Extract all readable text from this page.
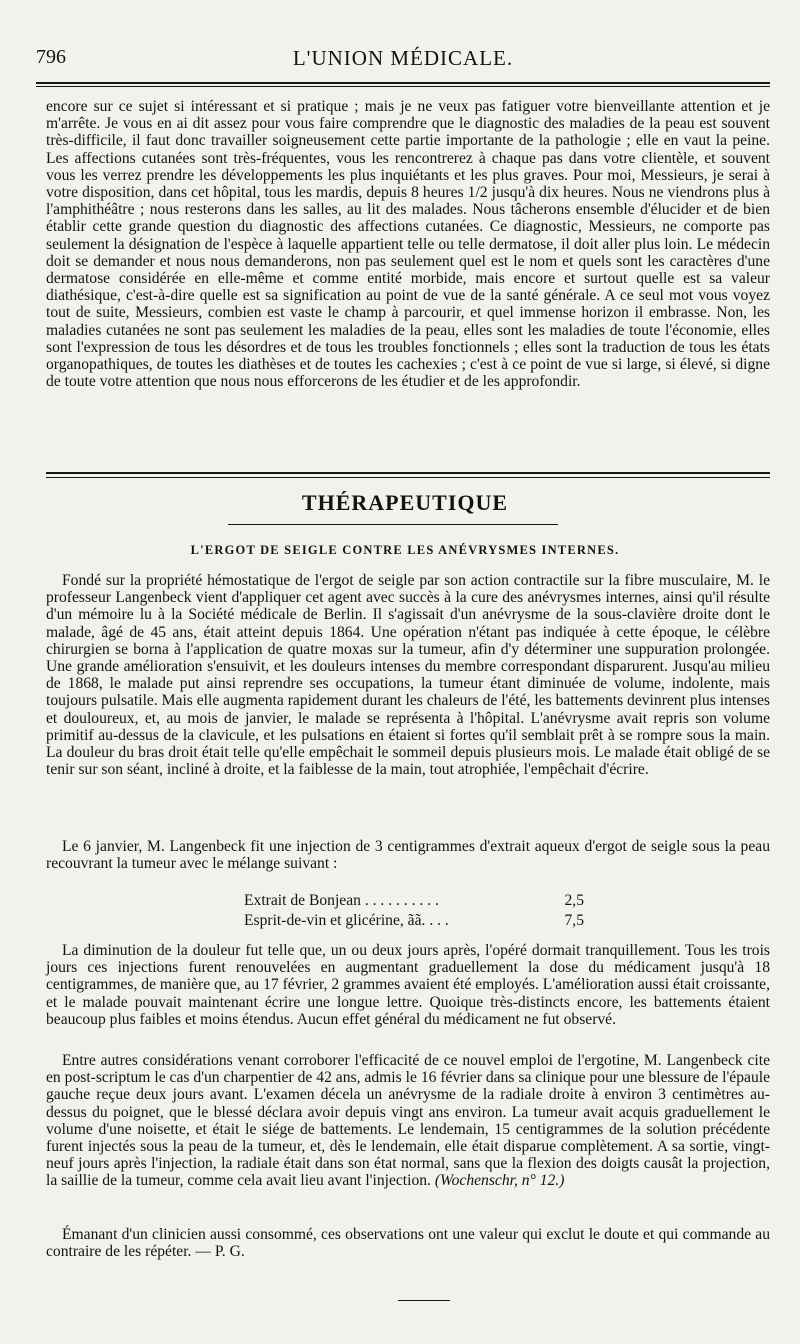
796	L'UNION MÉDICALE.

encore sur ce sujet si intéressant et si pratique ; mais je ne veux pas fatiguer votre bienveillante attention et je m'arrête. Je vous en ai dit assez pour vous faire comprendre que le diagnostic des maladies de la peau est souvent très-difficile, il faut donc travailler soigneusement cette partie importante de la pathologie ; elle en vaut la peine. Les affections cutanées sont très-fréquentes, vous les rencontrerez à chaque pas dans votre clientèle, et souvent vous les verrez prendre les développements les plus inquiétants et les plus graves. Pour moi, Messieurs, je serai à votre disposition, dans cet hôpital, tous les mardis, depuis 8 heures 1/2 jusqu'à dix heures. Nous ne viendrons plus à l'amphithéâtre ; nous resterons dans les salles, au lit des malades. Nous tâcherons ensemble d'élucider et de bien établir cette grande question du diagnostic des affections cutanées. Ce diagnostic, Messieurs, ne comporte pas seulement la désignation de l'espèce à laquelle appartient telle ou telle dermatose, il doit aller plus loin. Le médecin doit se demander et nous nous demanderons, non pas seulement quel est le nom et quels sont les caractères d'une dermatose considérée en elle-même et comme entité morbide, mais encore et surtout quelle est sa valeur diathésique, c'est-à-dire quelle est sa signification au point de vue de la santé générale. A ce seul mot vous voyez tout de suite, Messieurs, combien est vaste le champ à parcourir, et quel immense horizon il embrasse. Non, les maladies cutanées ne sont pas seulement les maladies de la peau, elles sont les maladies de toute l'économie, elles sont l'expression de tous les désordres et de tous les troubles fonctionnels ; elles sont la traduction de tous les états organopathiques, de toutes les diathèses et de toutes les cachexies ; c'est à ce point de vue si large, si élevé, si digne de toute votre attention que nous nous efforcerons de les étudier et de les approfondir.

THÉRAPEUTIQUE
L'ERGOT DE SEIGLE CONTRE LES ANÉVRYSMES INTERNES.

Fondé sur la propriété hémostatique de l'ergot de seigle par son action contractile sur la fibre musculaire, M. le professeur Langenbeck vient d'appliquer cet agent avec succès à la cure des anévrysmes internes, ainsi qu'il résulte d'un mémoire lu à la Société médicale de Berlin. Il s'agissait d'un anévrysme de la sous-clavière droite dont le malade, âgé de 45 ans, était atteint depuis 1864. Une opération n'étant pas indiquée à cette époque, le célèbre chirurgien se borna à l'application de quatre moxas sur la tumeur, afin d'y déterminer une suppuration prolongée. Une grande amélioration s'ensuivit, et les douleurs intenses du membre correspondant disparurent. Jusqu'au milieu de 1868, le malade put ainsi reprendre ses occupations, la tumeur étant diminuée de volume, indolente, mais toujours pulsatile. Mais elle augmenta rapidement durant les chaleurs de l'été, les battements devinrent plus intenses et douloureux, et, au mois de janvier, le malade se représenta à l'hôpital. L'anévrysme avait repris son volume primitif au-dessus de la clavicule, et les pulsations en étaient si fortes qu'il semblait prêt à se rompre sous la main. La douleur du bras droit était telle qu'elle empêchait le sommeil depuis plusieurs mois. Le malade était obligé de se tenir sur son séant, incliné à droite, et la faiblesse de la main, tout atrophiée, l'empêchait d'écrire.

Le 6 janvier, M. Langenbeck fit une injection de 3 centigrammes d'extrait aqueux d'ergot de seigle sous la peau recouvrant la tumeur avec le mélange suivant :

Extrait de Bonjean . . . . . . . . . .	2,5
Esprit-de-vin et glicérine, ãã. . . .	7,5

La diminution de la douleur fut telle que, un ou deux jours après, l'opéré dormait tranquillement. Tous les trois jours ces injections furent renouvelées en augmentant graduellement la dose du médicament jusqu'à 18 centigrammes, de manière que, au 17 février, 2 grammes avaient été employés. L'amélioration aussi était croissante, et le malade pouvait maintenant écrire une longue lettre. Quoique très-distincts encore, les battements étaient beaucoup plus faibles et moins étendus. Aucun effet général du médicament ne fut observé.

Entre autres considérations venant corroborer l'efficacité de ce nouvel emploi de l'ergotine, M. Langenbeck cite en post-scriptum le cas d'un charpentier de 42 ans, admis le 16 février dans sa clinique pour une blessure de l'épaule gauche reçue deux jours avant. L'examen décela un anévrysme de la radiale droite à environ 3 centimètres au-dessus du poignet, que le blessé déclara avoir depuis vingt ans environ. La tumeur avait acquis graduellement le volume d'une noisette, et était le siége de battements. Le lendemain, 15 centigrammes de la solution précédente furent injectés sous la peau de la tumeur, et, dès le lendemain, elle était disparue complètement. A sa sortie, vingt-neuf jours après l'injection, la radiale était dans son état normal, sans que la flexion des doigts causât la projection, la saillie de la tumeur, comme cela avait lieu avant l'injection. (Wochenschr, n° 12.)

Émanant d'un clinicien aussi consommé, ces observations ont une valeur qui exclut le doute et qui commande au contraire de les répéter. — P. G.
